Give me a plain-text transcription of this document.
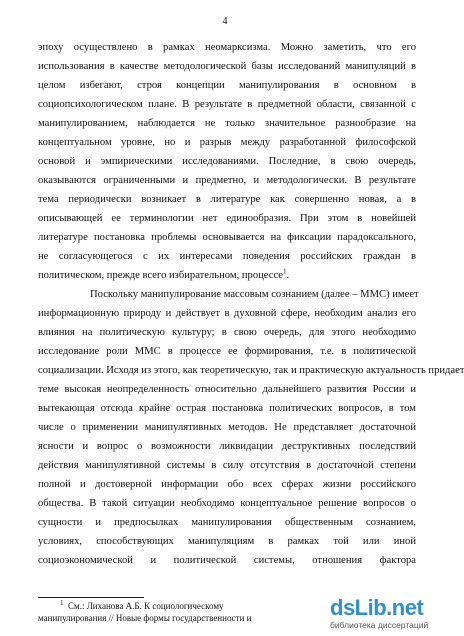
4
эпоху осуществлено в рамках неомарксизма. Можно заметить, что его
использования в качестве методологической базы исследований манипуляций в
целом избегают, строя концепции манипулирования в основном в
социопсихологическом плане. В результате в предметной области, связанной с
манипулированием, наблюдается не только значительное разнообразие на
концептуальном уровне, но и разрыв между разработанной философской
основой и эмпирическими исследованиями. Последние, в свою очередь,
оказываются ограниченными и предметно, и методологически. В результате
тема периодически возникает в литературе как совершенно новая, а в
описывающей ее терминологии нет единообразия. При этом в новейшей
литературе постановка проблемы основывается на фиксации парадоксального,
не согласующегося с их интересами поведения российских граждан в
политическом, прежде всего избирательном, процессе$^1$.
Поскольку манипулирование массовым сознанием (далее – ММС) имеет
информационную природу и действует в духовной сфере, необходим анализ его
влияния на политическую культуру; в свою очередь, для этого необходимо
исследование роли ММС в процессе ее формирования, т.е. в политической
социализации. Исходя из этого, как теоретическую, так и практическую актуальность придает
теме высокая неопределенность относительно дальнейшего развития России и
вытекающая отсюда крайне острая постановка политических вопросов, в том
числе о применении манипулятивных методов. Не представляет достаточной
ясности и вопрос о возможности ликвидации деструктивных последствий
действия манипулятивной системы в силу отсутствия в достаточной степени
полной и достоверной информации обо всех сферах жизни российского
общества. В такой ситуации необходимо концептуальное решение вопросов о
сущности и предпосылках манипулирования общественным сознанием,
условиях, способствующих манипуляциям в рамках той или иной
социоэкономической и политической системы, отношения фактора
$^1$ См.: Лиханова А.Б. К социологическому
манипулирования // Новые формы государственности и	dsLib.net
библиотека диссертаций
